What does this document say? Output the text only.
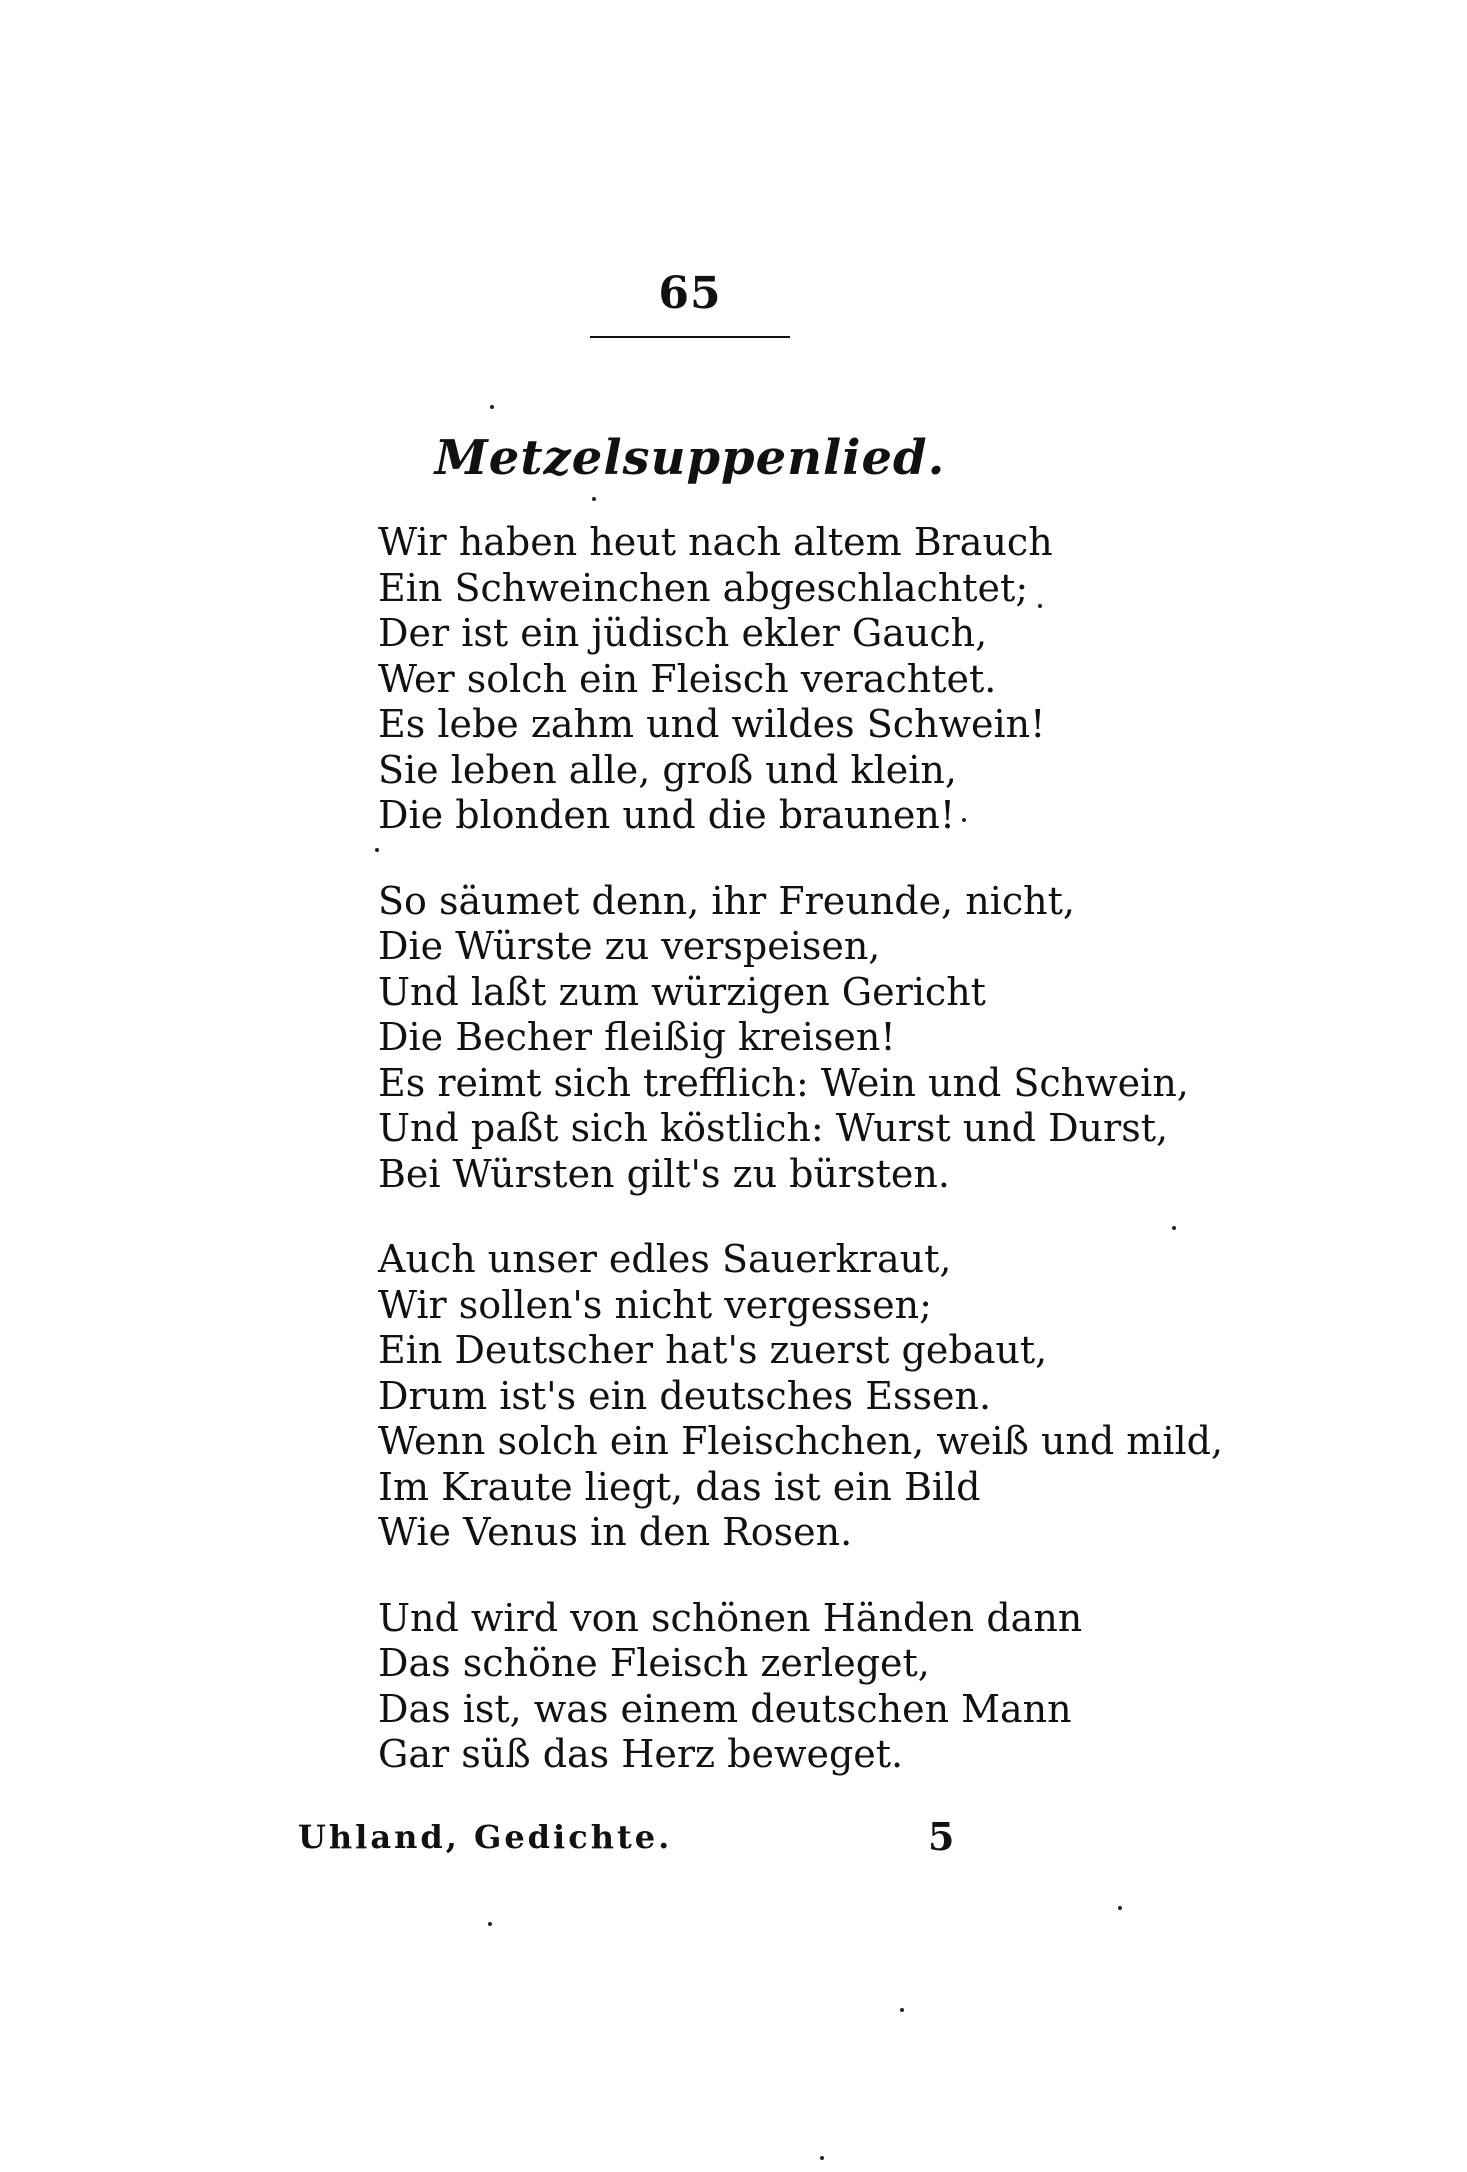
65
Metzelsuppenlied.
Wir haben heut nach altem Brauch
Ein Schweinchen abgeschlachtet;
Der ist ein jüdisch ekler Gauch,
Wer solch ein Fleisch verachtet.
Es lebe zahm und wildes Schwein!
Sie leben alle, groß und klein,
Die blonden und die braunen!
So säumet denn, ihr Freunde, nicht,
Die Würste zu verspeisen,
Und laßt zum würzigen Gericht
Die Becher fleißig kreisen!
Es reimt sich trefflich: Wein und Schwein,
Und paßt sich köstlich: Wurst und Durst,
Bei Würsten gilt's zu bürsten.
Auch unser edles Sauerkraut,
Wir sollen's nicht vergessen;
Ein Deutscher hat's zuerst gebaut,
Drum ist's ein deutsches Essen.
Wenn solch ein Fleischchen, weiß und mild,
Im Kraute liegt, das ist ein Bild
Wie Venus in den Rosen.
Und wird von schönen Händen dann
Das schöne Fleisch zerleget,
Das ist, was einem deutschen Mann
Gar süß das Herz beweget.
Uhland, Gedichte.	5
